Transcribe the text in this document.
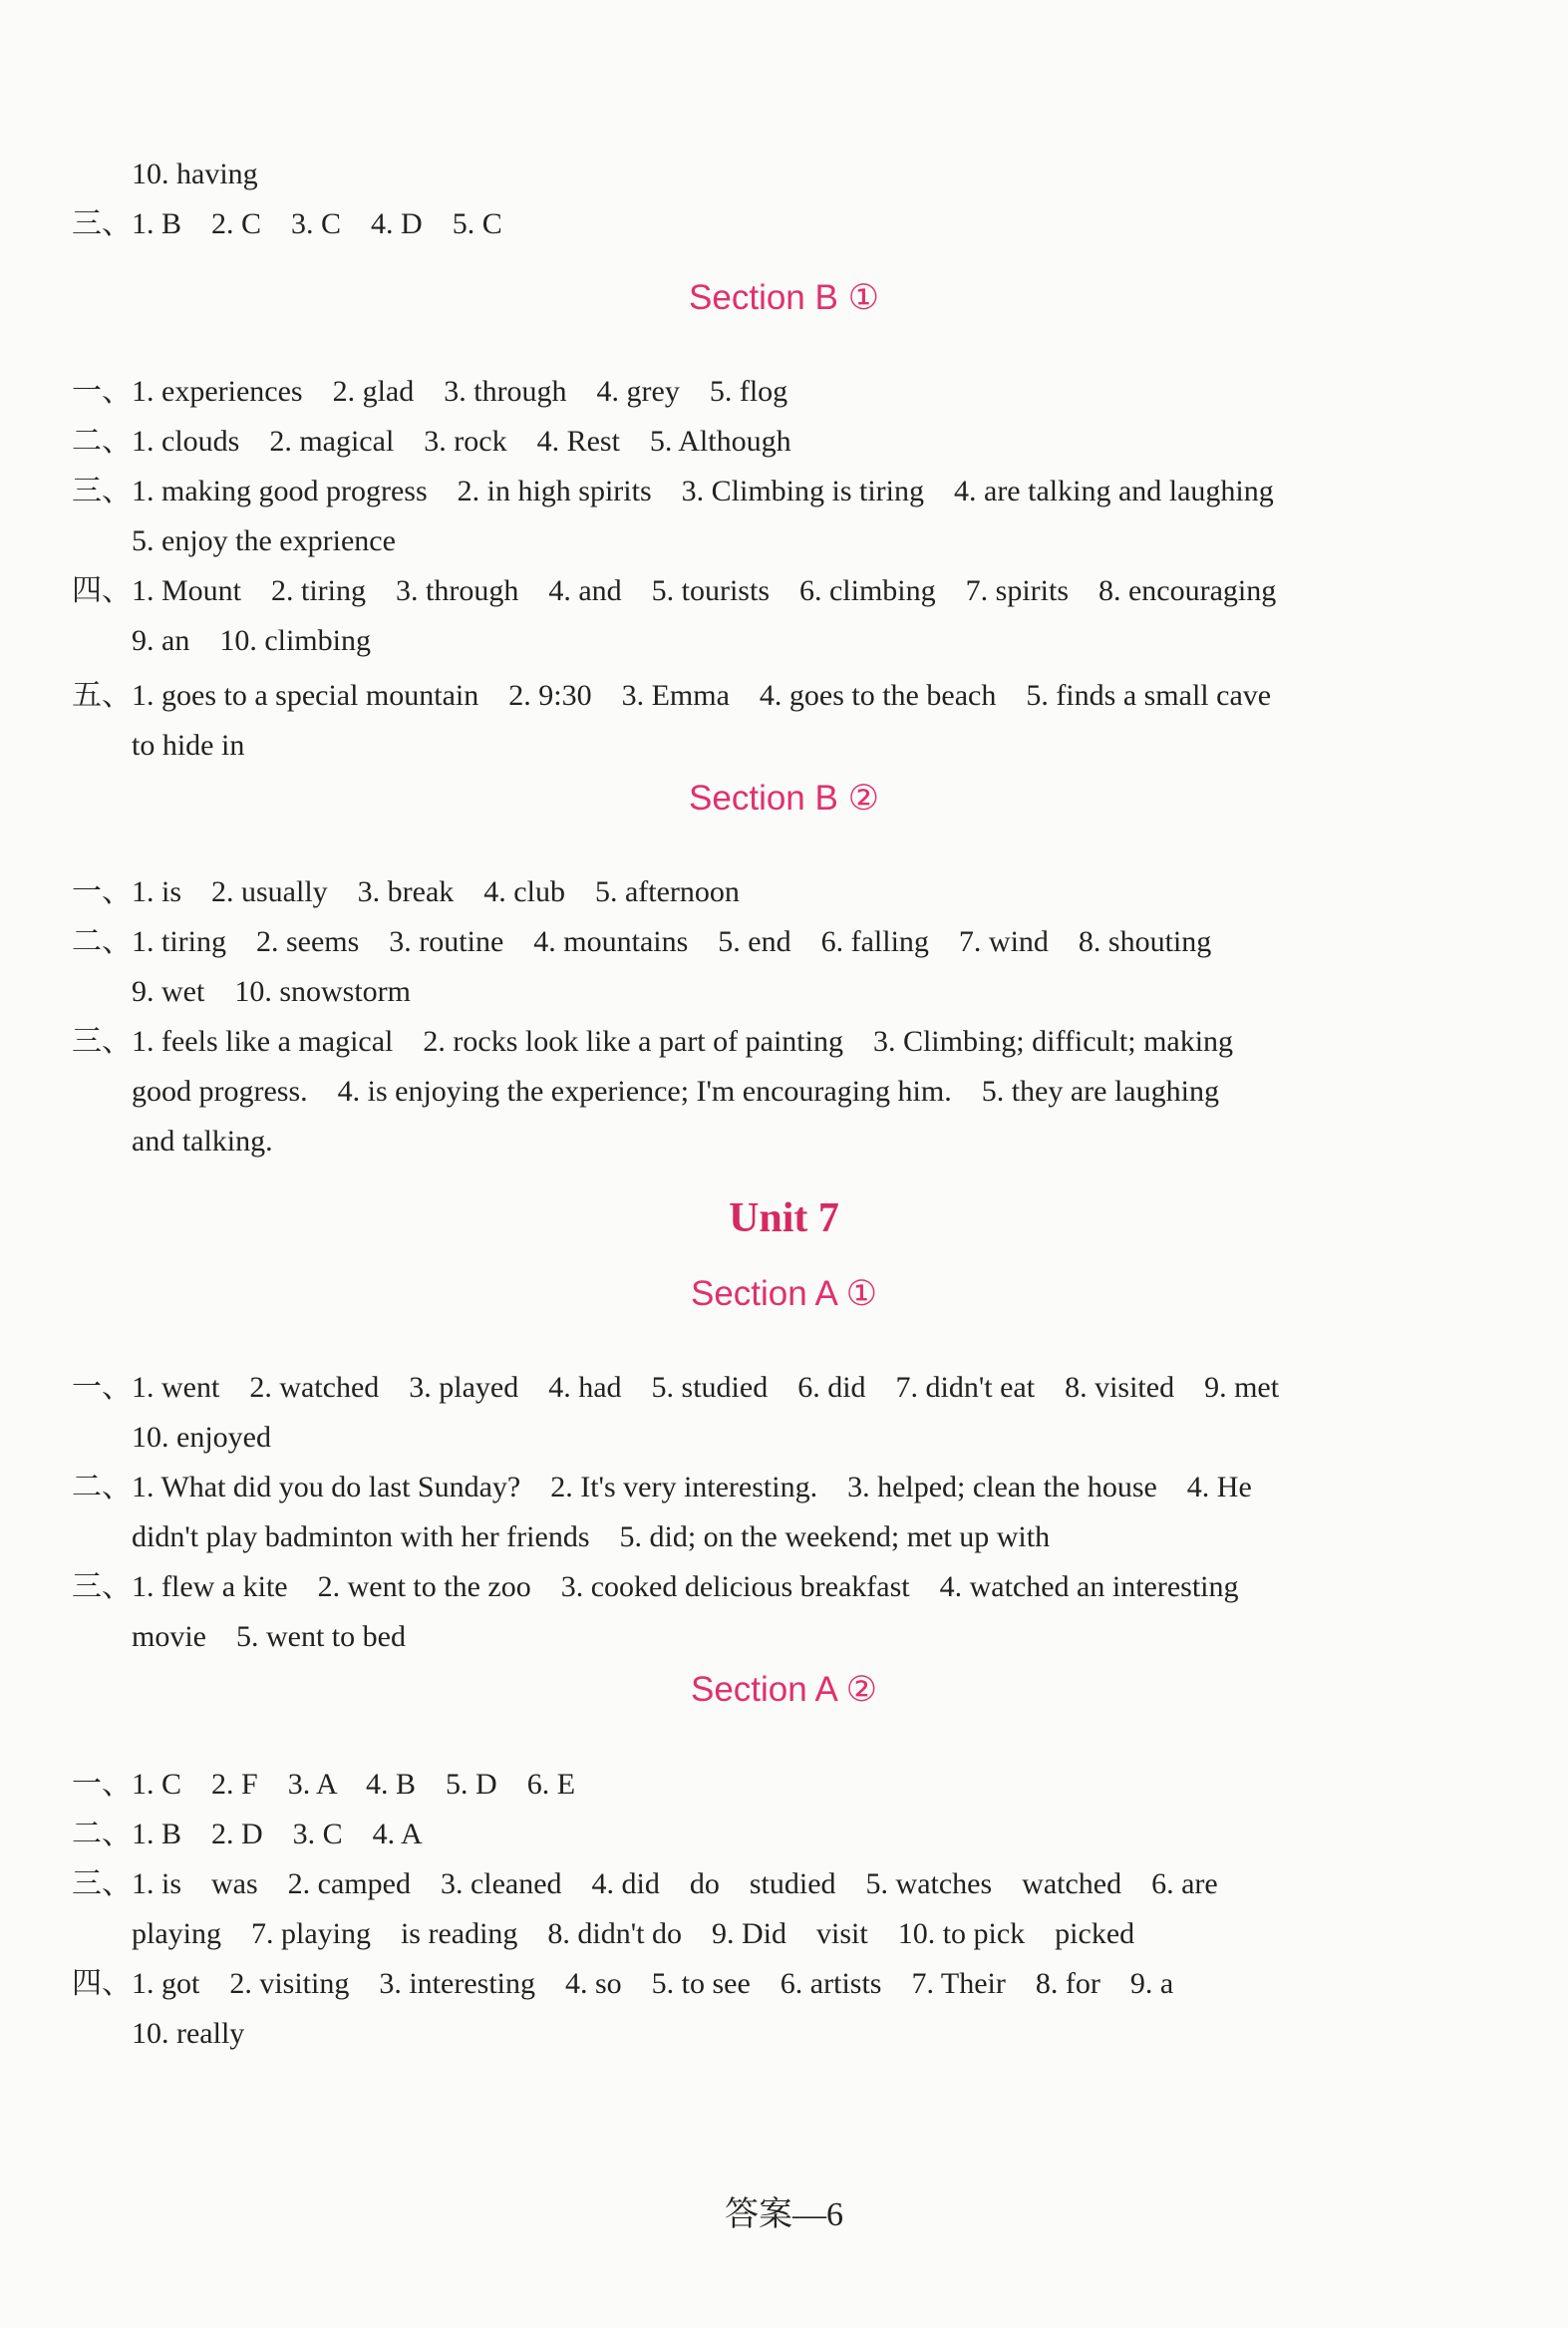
Section B ①
Section B ②
Unit 7
Section A ①
Section A ②
10. having
三、 1. B    2. C    3. C    4. D    5. C
一、 1. experiences    2. glad    3. through    4. grey    5. flog
二、 1. clouds    2. magical    3. rock    4. Rest    5. Although
三、 1. making good progress    2. in high spirits    3. Climbing is tiring    4. are talking and laughing
5. enjoy the exprience
四、 1. Mount    2. tiring    3. through    4. and    5. tourists    6. climbing    7. spirits    8. encouraging
9. an    10. climbing
五、 1. goes to a special mountain    2. 9:30    3. Emma    4. goes to the beach    5. finds a small cave
to hide in
一、 1. is    2. usually    3. break    4. club    5. afternoon
二、 1. tiring    2. seems    3. routine    4. mountains    5. end    6. falling    7. wind    8. shouting
9. wet    10. snowstorm
三、 1. feels like a magical    2. rocks look like a part of painting    3. Climbing; difficult; making
good progress.    4. is enjoying the experience; I'm encouraging him.    5. they are laughing
and talking.
一、 1. went    2. watched    3. played    4. had    5. studied    6. did    7. didn't eat    8. visited    9. met
10. enjoyed
二、 1. What did you do last Sunday?    2. It's very interesting.    3. helped; clean the house    4. He
didn't play badminton with her friends    5. did; on the weekend; met up with
三、 1. flew a kite    2. went to the zoo    3. cooked delicious breakfast    4. watched an interesting
movie    5. went to bed
一、 1. C    2. F    3. A    4. B    5. D    6. E
二、 1. B    2. D    3. C    4. A
三、 1. is    was    2. camped    3. cleaned    4. did    do    studied    5. watches    watched    6. are
playing    7. playing    is reading    8. didn't do    9. Did    visit    10. to pick    picked
四、 1. got    2. visiting    3. interesting    4. so    5. to see    6. artists    7. Their    8. for    9. a
10. really
答案—6
